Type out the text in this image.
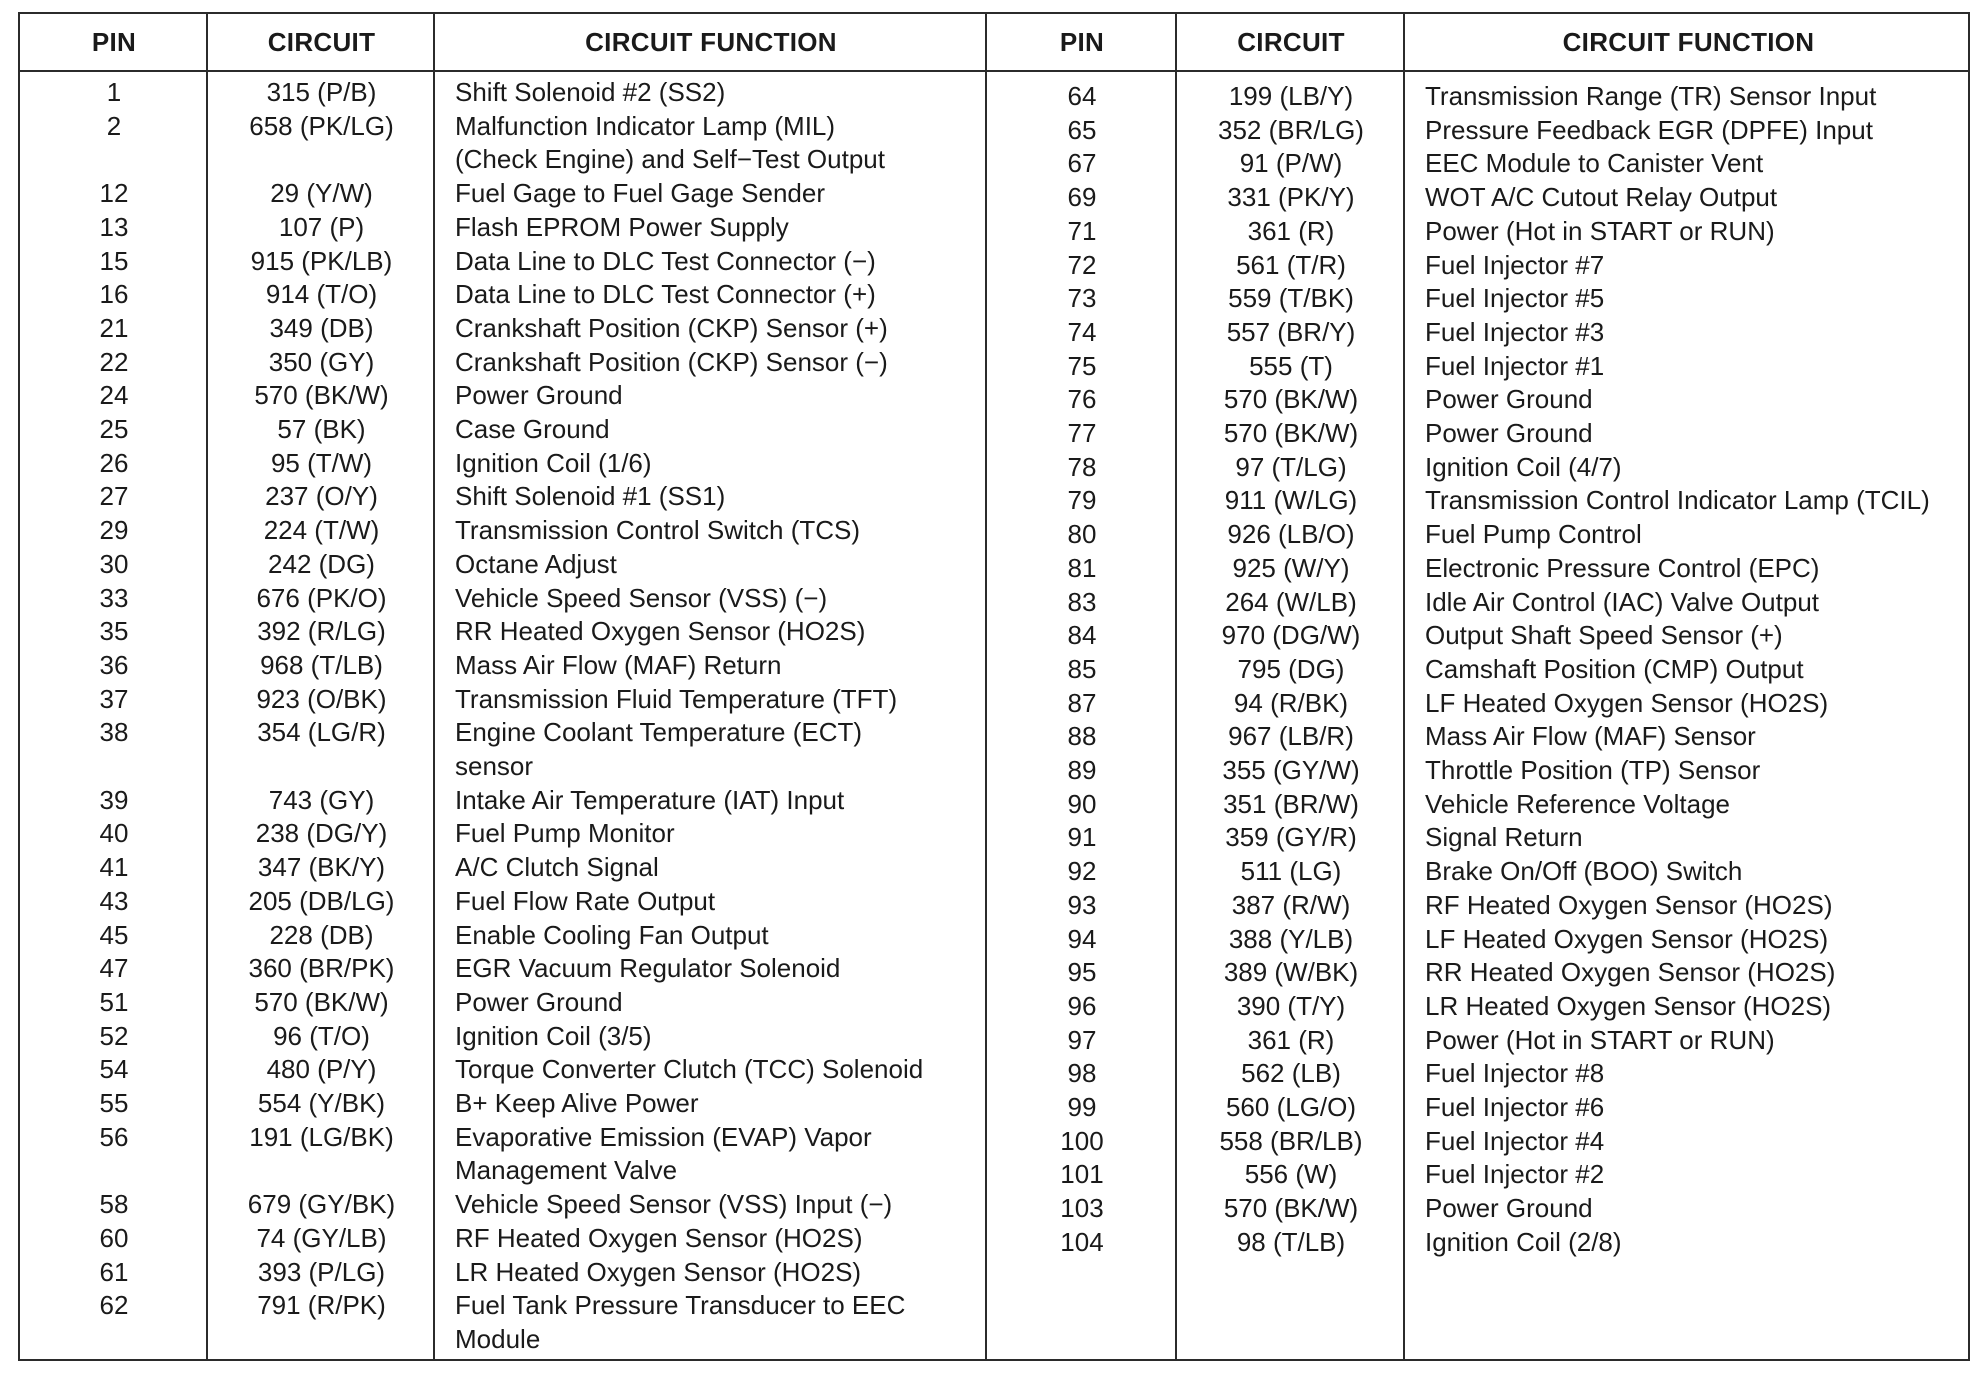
PIN	CIRCUIT	CIRCUIT FUNCTION	PIN	CIRCUIT	CIRCUIT FUNCTION
1	315 (P/B)	Shift Solenoid #2 (SS2)
2	658 (PK/LG)	Malfunction Indicator Lamp (MIL)
(Check Engine) and Self−Test Output
12	29 (Y/W)	Fuel Gage to Fuel Gage Sender
13	107 (P)	Flash EPROM Power Supply
15	915 (PK/LB)	Data Line to DLC Test Connector (−)
16	914 (T/O)	Data Line to DLC Test Connector (+)
21	349 (DB)	Crankshaft Position (CKP) Sensor (+)
22	350 (GY)	Crankshaft Position (CKP) Sensor (−)
24	570 (BK/W)	Power Ground
25	57 (BK)	Case Ground
26	95 (T/W)	Ignition Coil (1/6)
27	237 (O/Y)	Shift Solenoid #1 (SS1)
29	224 (T/W)	Transmission Control Switch (TCS)
30	242 (DG)	Octane Adjust
33	676 (PK/O)	Vehicle Speed Sensor (VSS) (−)
35	392 (R/LG)	RR Heated Oxygen Sensor (HO2S)
36	968 (T/LB)	Mass Air Flow (MAF) Return
37	923 (O/BK)	Transmission Fluid Temperature (TFT)
38	354 (LG/R)	Engine Coolant Temperature (ECT)
sensor
39	743 (GY)	Intake Air Temperature (IAT) Input
40	238 (DG/Y)	Fuel Pump Monitor
41	347 (BK/Y)	A/C Clutch Signal
43	205 (DB/LG)	Fuel Flow Rate Output
45	228 (DB)	Enable Cooling Fan Output
47	360 (BR/PK)	EGR Vacuum Regulator Solenoid
51	570 (BK/W)	Power Ground
52	96 (T/O)	Ignition Coil (3/5)
54	480 (P/Y)	Torque Converter Clutch (TCC) Solenoid
55	554 (Y/BK)	B+ Keep Alive Power
56	191 (LG/BK)	Evaporative Emission (EVAP) Vapor
Management Valve
58	679 (GY/BK)	Vehicle Speed Sensor (VSS) Input (−)
60	74 (GY/LB)	RF Heated Oxygen Sensor (HO2S)
61	393 (P/LG)	LR Heated Oxygen Sensor (HO2S)
62	791 (R/PK)	Fuel Tank Pressure Transducer to EEC
Module
64	199 (LB/Y)	Transmission Range (TR) Sensor Input
65	352 (BR/LG)	Pressure Feedback EGR (DPFE) Input
67	91 (P/W)	EEC Module to Canister Vent
69	331 (PK/Y)	WOT A/C Cutout Relay Output
71	361 (R)	Power (Hot in START or RUN)
72	561 (T/R)	Fuel Injector #7
73	559 (T/BK)	Fuel Injector #5
74	557 (BR/Y)	Fuel Injector #3
75	555 (T)	Fuel Injector #1
76	570 (BK/W)	Power Ground
77	570 (BK/W)	Power Ground
78	97 (T/LG)	Ignition Coil (4/7)
79	911 (W/LG)	Transmission Control Indicator Lamp (TCIL)
80	926 (LB/O)	Fuel Pump Control
81	925 (W/Y)	Electronic Pressure Control (EPC)
83	264 (W/LB)	Idle Air Control (IAC) Valve Output
84	970 (DG/W)	Output Shaft Speed Sensor (+)
85	795 (DG)	Camshaft Position (CMP) Output
87	94 (R/BK)	LF Heated Oxygen Sensor (HO2S)
88	967 (LB/R)	Mass Air Flow (MAF) Sensor
89	355 (GY/W)	Throttle Position (TP) Sensor
90	351 (BR/W)	Vehicle Reference Voltage
91	359 (GY/R)	Signal Return
92	511 (LG)	Brake On/Off (BOO) Switch
93	387 (R/W)	RF Heated Oxygen Sensor (HO2S)
94	388 (Y/LB)	LF Heated Oxygen Sensor (HO2S)
95	389 (W/BK)	RR Heated Oxygen Sensor (HO2S)
96	390 (T/Y)	LR Heated Oxygen Sensor (HO2S)
97	361 (R)	Power (Hot in START or RUN)
98	562 (LB)	Fuel Injector #8
99	560 (LG/O)	Fuel Injector #6
100	558 (BR/LB)	Fuel Injector #4
101	556 (W)	Fuel Injector #2
103	570 (BK/W)	Power Ground
104	98 (T/LB)	Ignition Coil (2/8)
